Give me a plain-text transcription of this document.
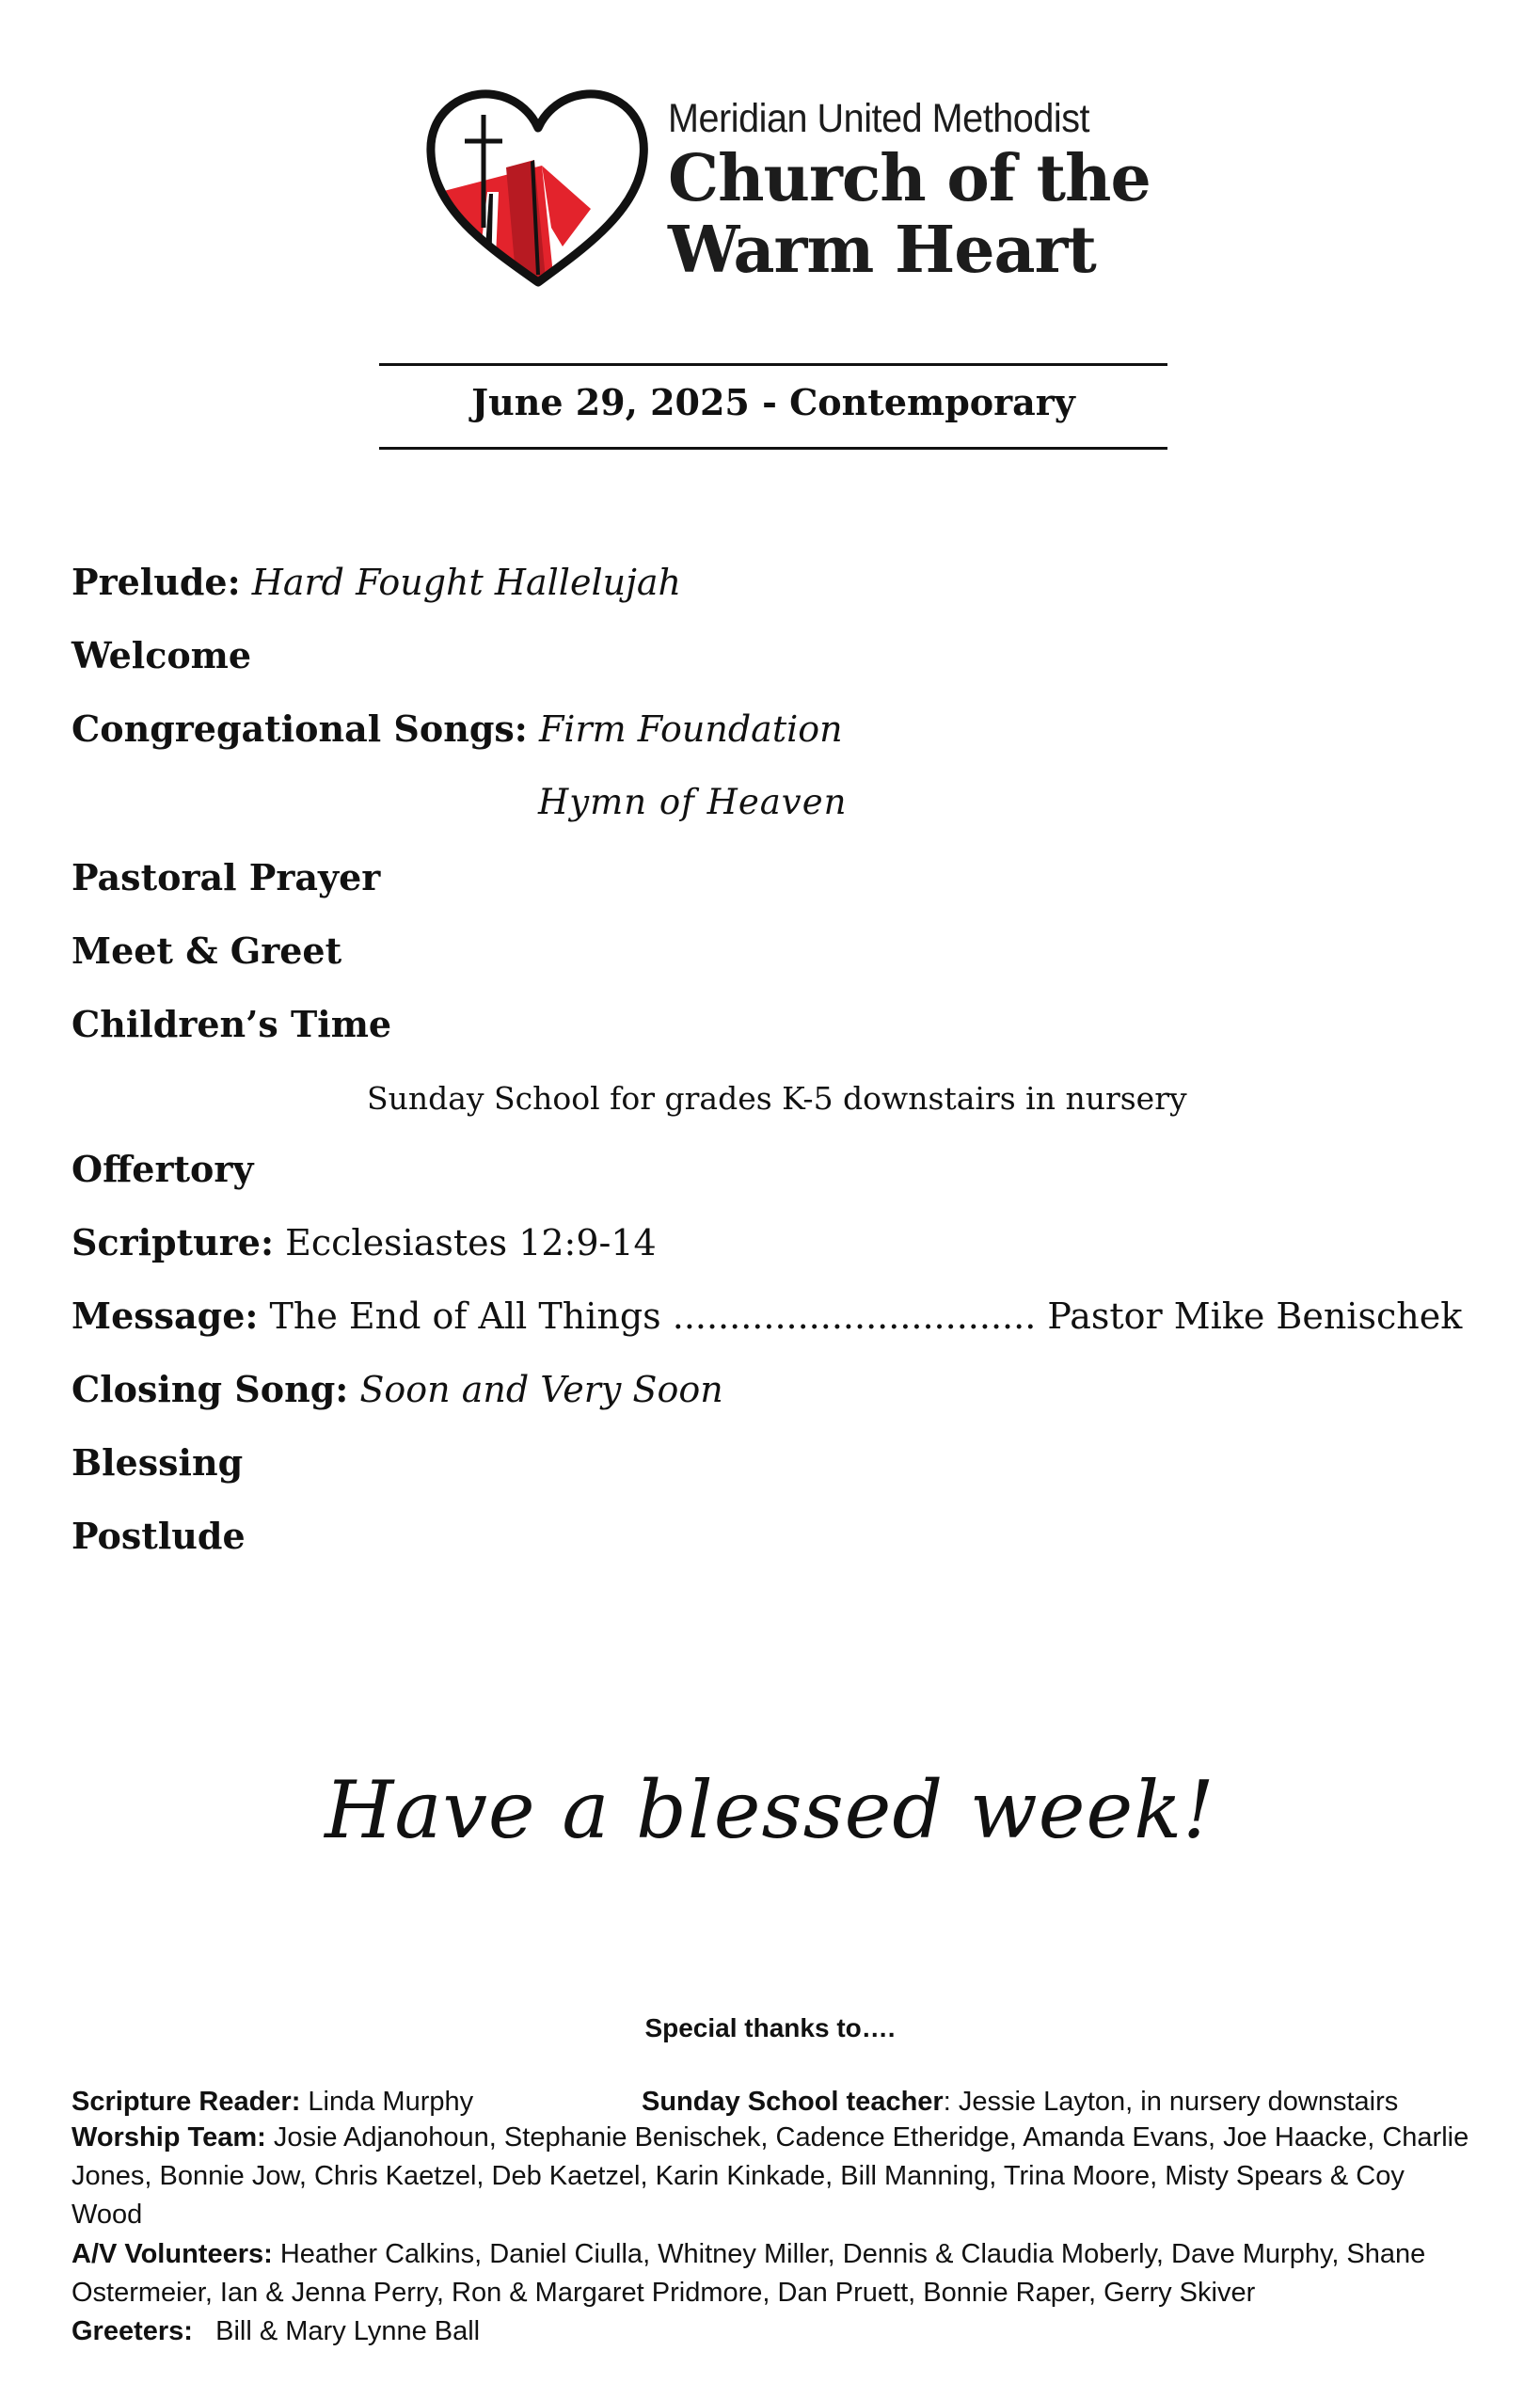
Meridian United Methodist
Church of the
Warm Heart
June 29, 2025 - Contemporary
Prelude: Hard Fought Hallelujah
Welcome
Congregational Songs: Firm Foundation
Hymn of Heaven
Pastoral Prayer
Meet & Greet
Children’s Time
Sunday School for grades K-5 downstairs in nursery
Offertory
Scripture: Ecclesiastes 12:9-14
Message: The End of All Things ................................ Pastor Mike Benischek
Closing Song: Soon and Very Soon
Blessing
Postlude
Have a blessed week!
Special thanks to….
Scripture Reader: Linda Murphy	Sunday School teacher: Jessie Layton, in nursery downstairs
Worship Team: Josie Adjanohoun, Stephanie Benischek, Cadence Etheridge, Amanda Evans, Joe Haacke, Charlie Jones, Bonnie Jow, Chris Kaetzel, Deb Kaetzel, Karin Kinkade, Bill Manning, Trina Moore, Misty Spears & Coy Wood
A/V Volunteers: Heather Calkins, Daniel Ciulla, Whitney Miller, Dennis & Claudia Moberly, Dave Murphy, Shane Ostermeier, Ian & Jenna Perry, Ron & Margaret Pridmore, Dan Pruett, Bonnie Raper, Gerry Skiver
Greeters:   Bill & Mary Lynne Ball
